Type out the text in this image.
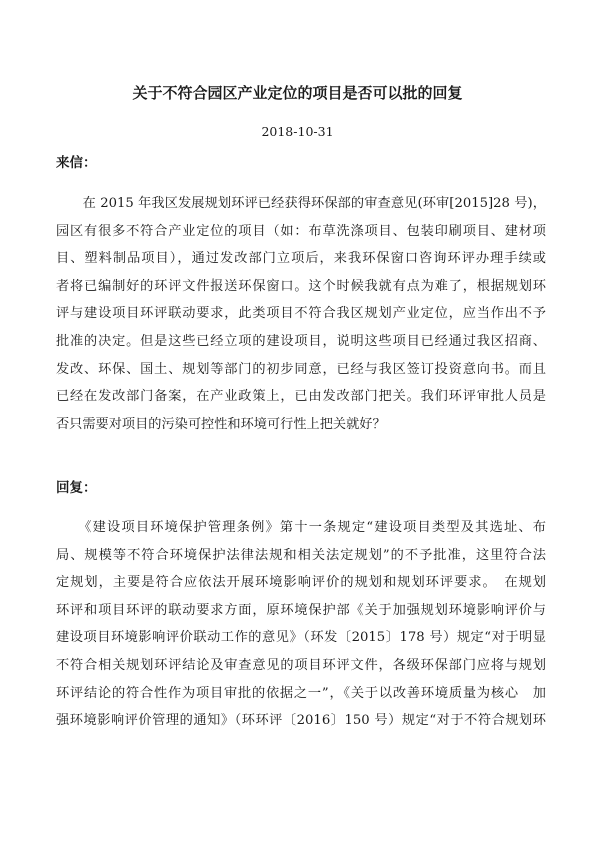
关于不符合园区产业定位的项目是否可以批的回复
2018-10-31
来信：
　　在 2015 年我区发展规划环评已经获得环保部的审查意见(环审[2015]28 号)，
园区有很多不符合产业定位的项目（如：布草洗涤项目、包装印刷项目、建材项
目、塑料制品项目），通过发改部门立项后，来我环保窗口咨询环评办理手续或
者将已编制好的环评文件报送环保窗口。这个时候我就有点为难了，根据规划环
评与建设项目环评联动要求，此类项目不符合我区规划产业定位，应当作出不予
批准的决定。但是这些已经立项的建设项目，说明这些项目已经通过我区招商、
发改、环保、国土、规划等部门的初步同意，已经与我区签订投资意向书。而且
已经在发改部门备案，在产业政策上，已由发改部门把关。我们环评审批人员是
否只需要对项目的污染可控性和环境可行性上把关就好？
回复：
　　《建设项目环境保护管理条例》第十一条规定“建设项目类型及其选址、布
局、规模等不符合环境保护法律法规和相关法定规划”的不予批准，这里符合法
定规划，主要是符合应依法开展环境影响评价的规划和规划环评要求。　在规划
环评和项目环评的联动要求方面，原环境保护部《关于加强规划环境影响评价与
建设项目环境影响评价联动工作的意见》（环发〔2015〕178 号）规定“对于明显
不符合相关规划环评结论及审查意见的项目环评文件，各级环保部门应将与规划
环评结论的符合性作为项目审批的依据之一”，《关于以改善环境质量为核心　加
强环境影响评价管理的通知》（环环评〔2016〕150 号）规定“对于不符合规划环
